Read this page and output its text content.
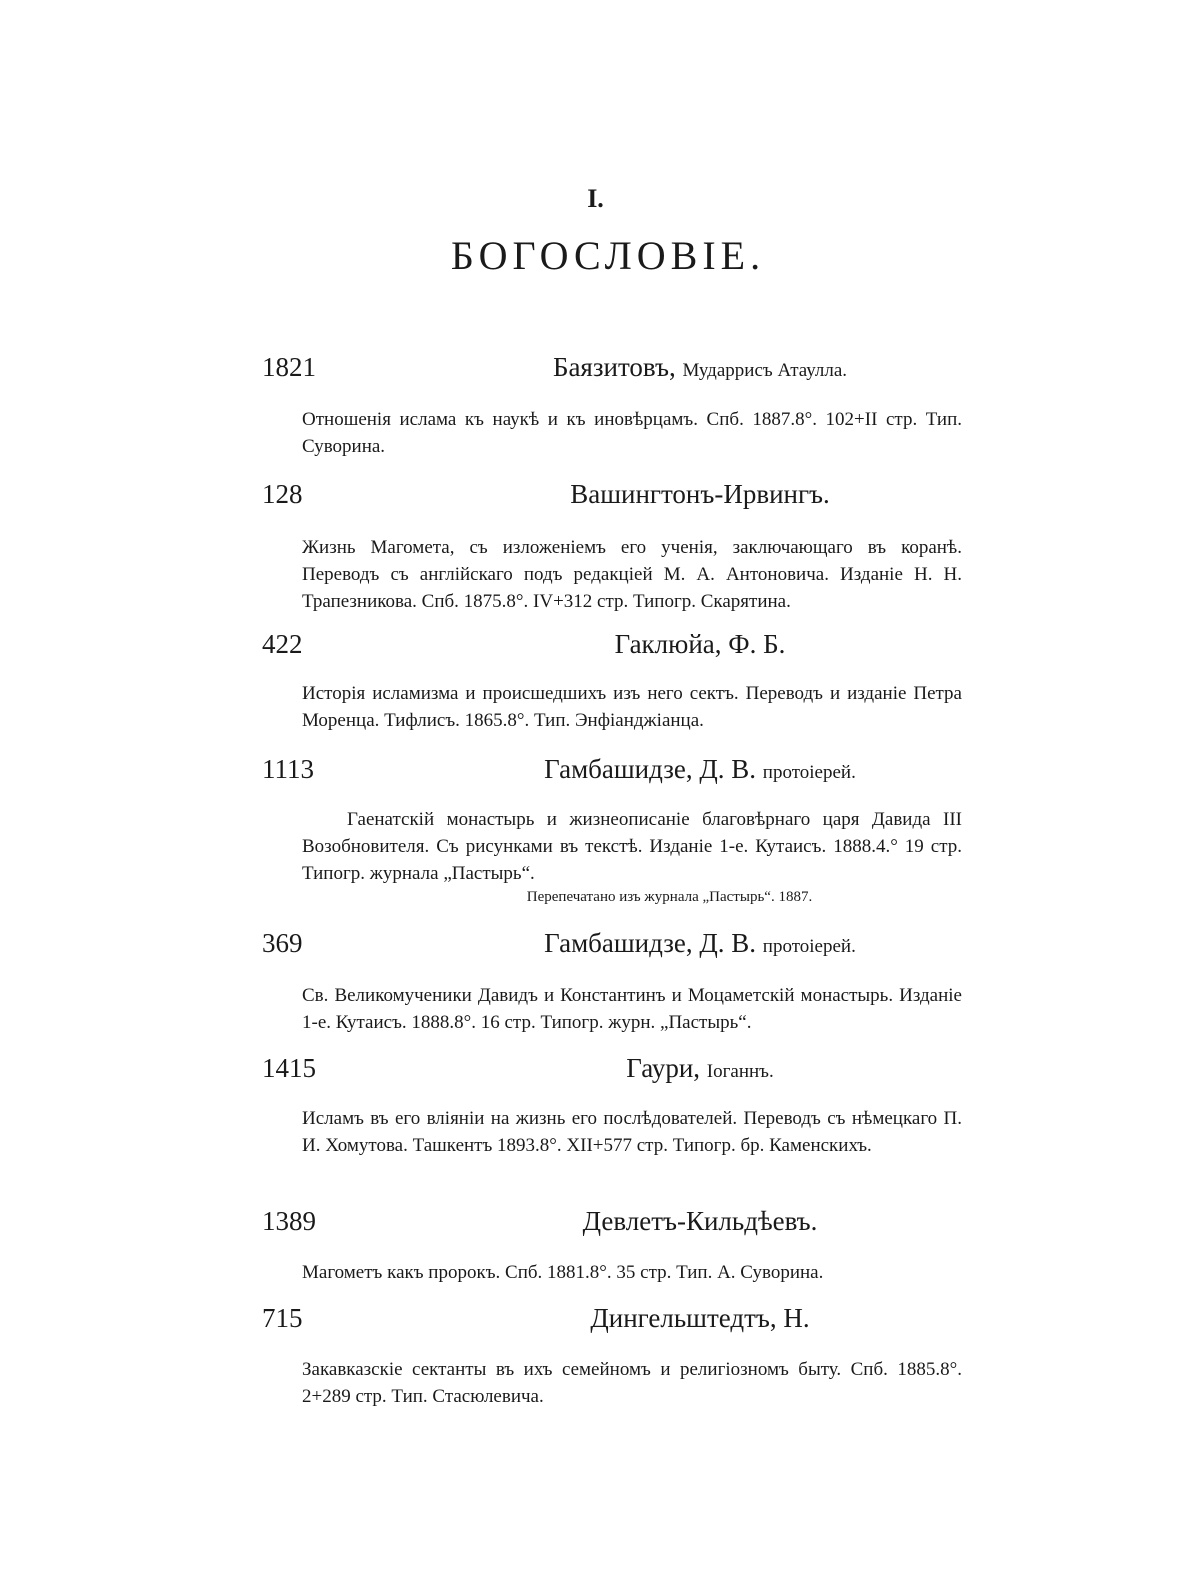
I.
БОГОСЛОВІЕ.
1821	Баязитовъ, Мударрисъ Атаулла.
Отношенія ислама къ наукѣ и къ иновѣрцамъ. Спб. 1887.8°. 102+II стр. Тип. Суворина.
128	Вашингтонъ-Ирвингъ.
Жизнь Магомета, съ изложеніемъ его ученія, заключающаго въ коранѣ. Переводъ съ англійскаго подъ редакціей М. А. Антоновича. Изданіе Н. Н. Трапезникова. Спб. 1875.8°. IV+312 стр. Типогр. Скарятина.
422	Гаклюйа, Ф. Б.
Исторія исламизма и происшедшихъ изъ него сектъ. Переводъ и изданіе Петра Моренца. Тифлисъ. 1865.8°. Тип. Энфіанджіанца.
1113	Гамбашидзе, Д. В. протоіерей.
Гаенатскій монастырь и жизнеописаніе благовѣрнаго царя Давида III Возобновителя. Съ рисунками въ текстѣ. Изданіе 1-е. Кутаисъ. 1888.4.° 19 стр. Типогр. журнала „Пастырь“.
Перепечатано изъ журнала „Пастырь“. 1887.
369	Гамбашидзе, Д. В. протоіерей.
Св. Великомученики Давидъ и Константинъ и Моцаметскій монастырь. Изданіе 1-е. Кутаисъ. 1888.8°. 16 стр. Типогр. журн. „Пастырь“.
1415	Гаури, Іоганнъ.
Исламъ въ его вліяніи на жизнь его послѣдователей. Переводъ съ нѣмецкаго П. И. Хомутова. Ташкентъ 1893.8°. XII+577 стр. Типогр. бр. Каменскихъ.
1389	Девлетъ-Кильдѣевъ.
Магометъ какъ пророкъ. Спб. 1881.8°. 35 стр. Тип. А. Суворина.
715	Дингельштедтъ, Н.
Закавказскіе сектанты въ ихъ семейномъ и религіозномъ быту. Спб. 1885.8°. 2+289 стр. Тип. Стасюлевича.
